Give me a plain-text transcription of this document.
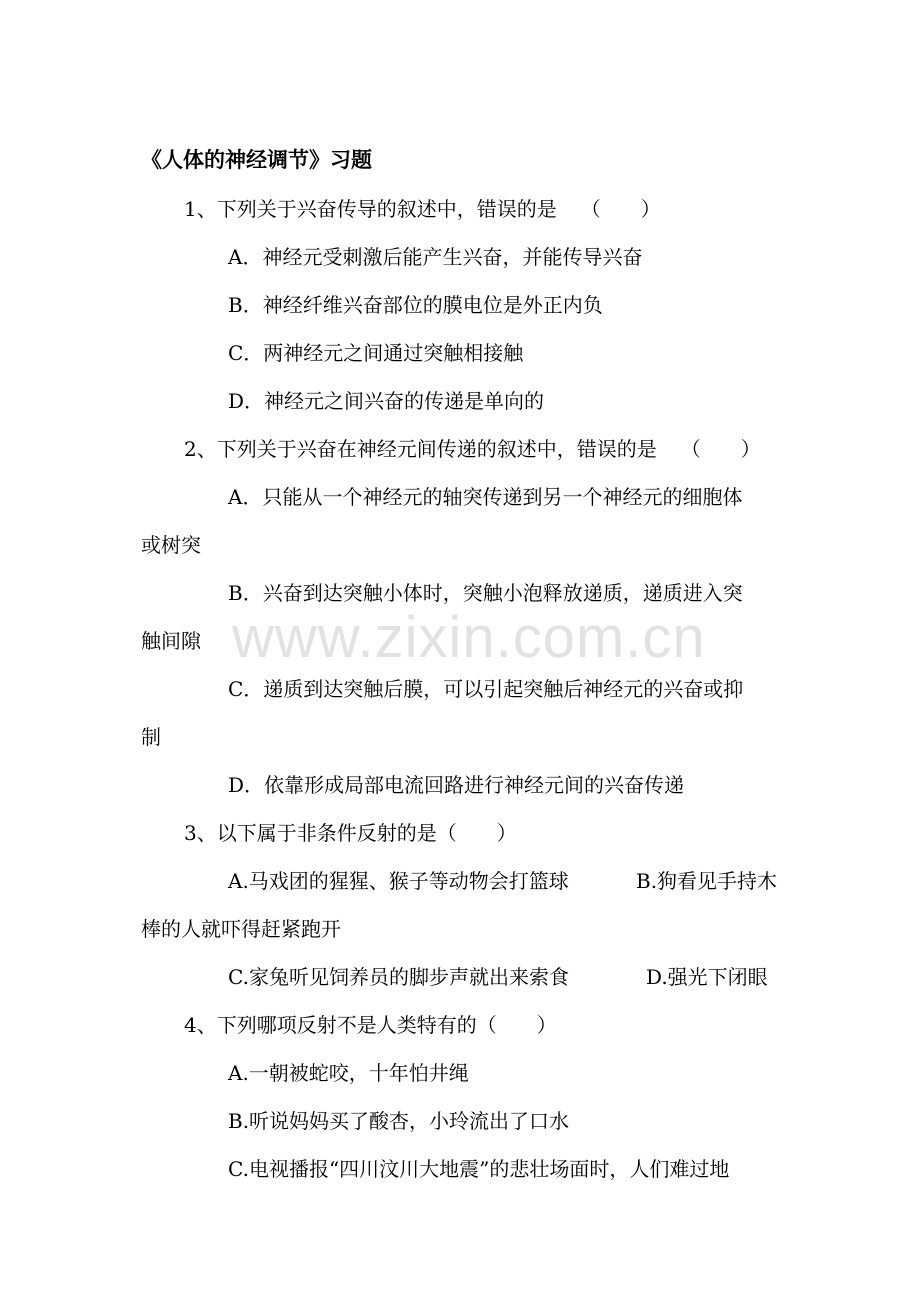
www.zixin.com.cn
《人体的神经调节》习题
1、下列关于兴奋传导的叙述中，错误的是 （　　）
A．神经元受刺激后能产生兴奋，并能传导兴奋
B．神经纤维兴奋部位的膜电位是外正内负
C．两神经元之间通过突触相接触
D．神经元之间兴奋的传递是单向的
2、下列关于兴奋在神经元间传递的叙述中，错误的是 （　　）
A．只能从一个神经元的轴突传递到另一个神经元的细胞体
或树突
B．兴奋到达突触小体时，突触小泡释放递质，递质进入突
触间隙
C．递质到达突触后膜，可以引起突触后神经元的兴奋或抑
制
D．依靠形成局部电流回路进行神经元间的兴奋传递
3、以下属于非条件反射的是（　　）
A.马戏团的猩猩、猴子等动物会打篮球	B.狗看见手持木
棒的人就吓得赶紧跑开
C.家兔听见饲养员的脚步声就出来索食	D.强光下闭眼
4、下列哪项反射不是人类特有的（　　）
A.一朝被蛇咬，十年怕井绳
B.听说妈妈买了酸杏，小玲流出了口水
C.电视播报“四川汶川大地震”的悲壮场面时，人们难过地
